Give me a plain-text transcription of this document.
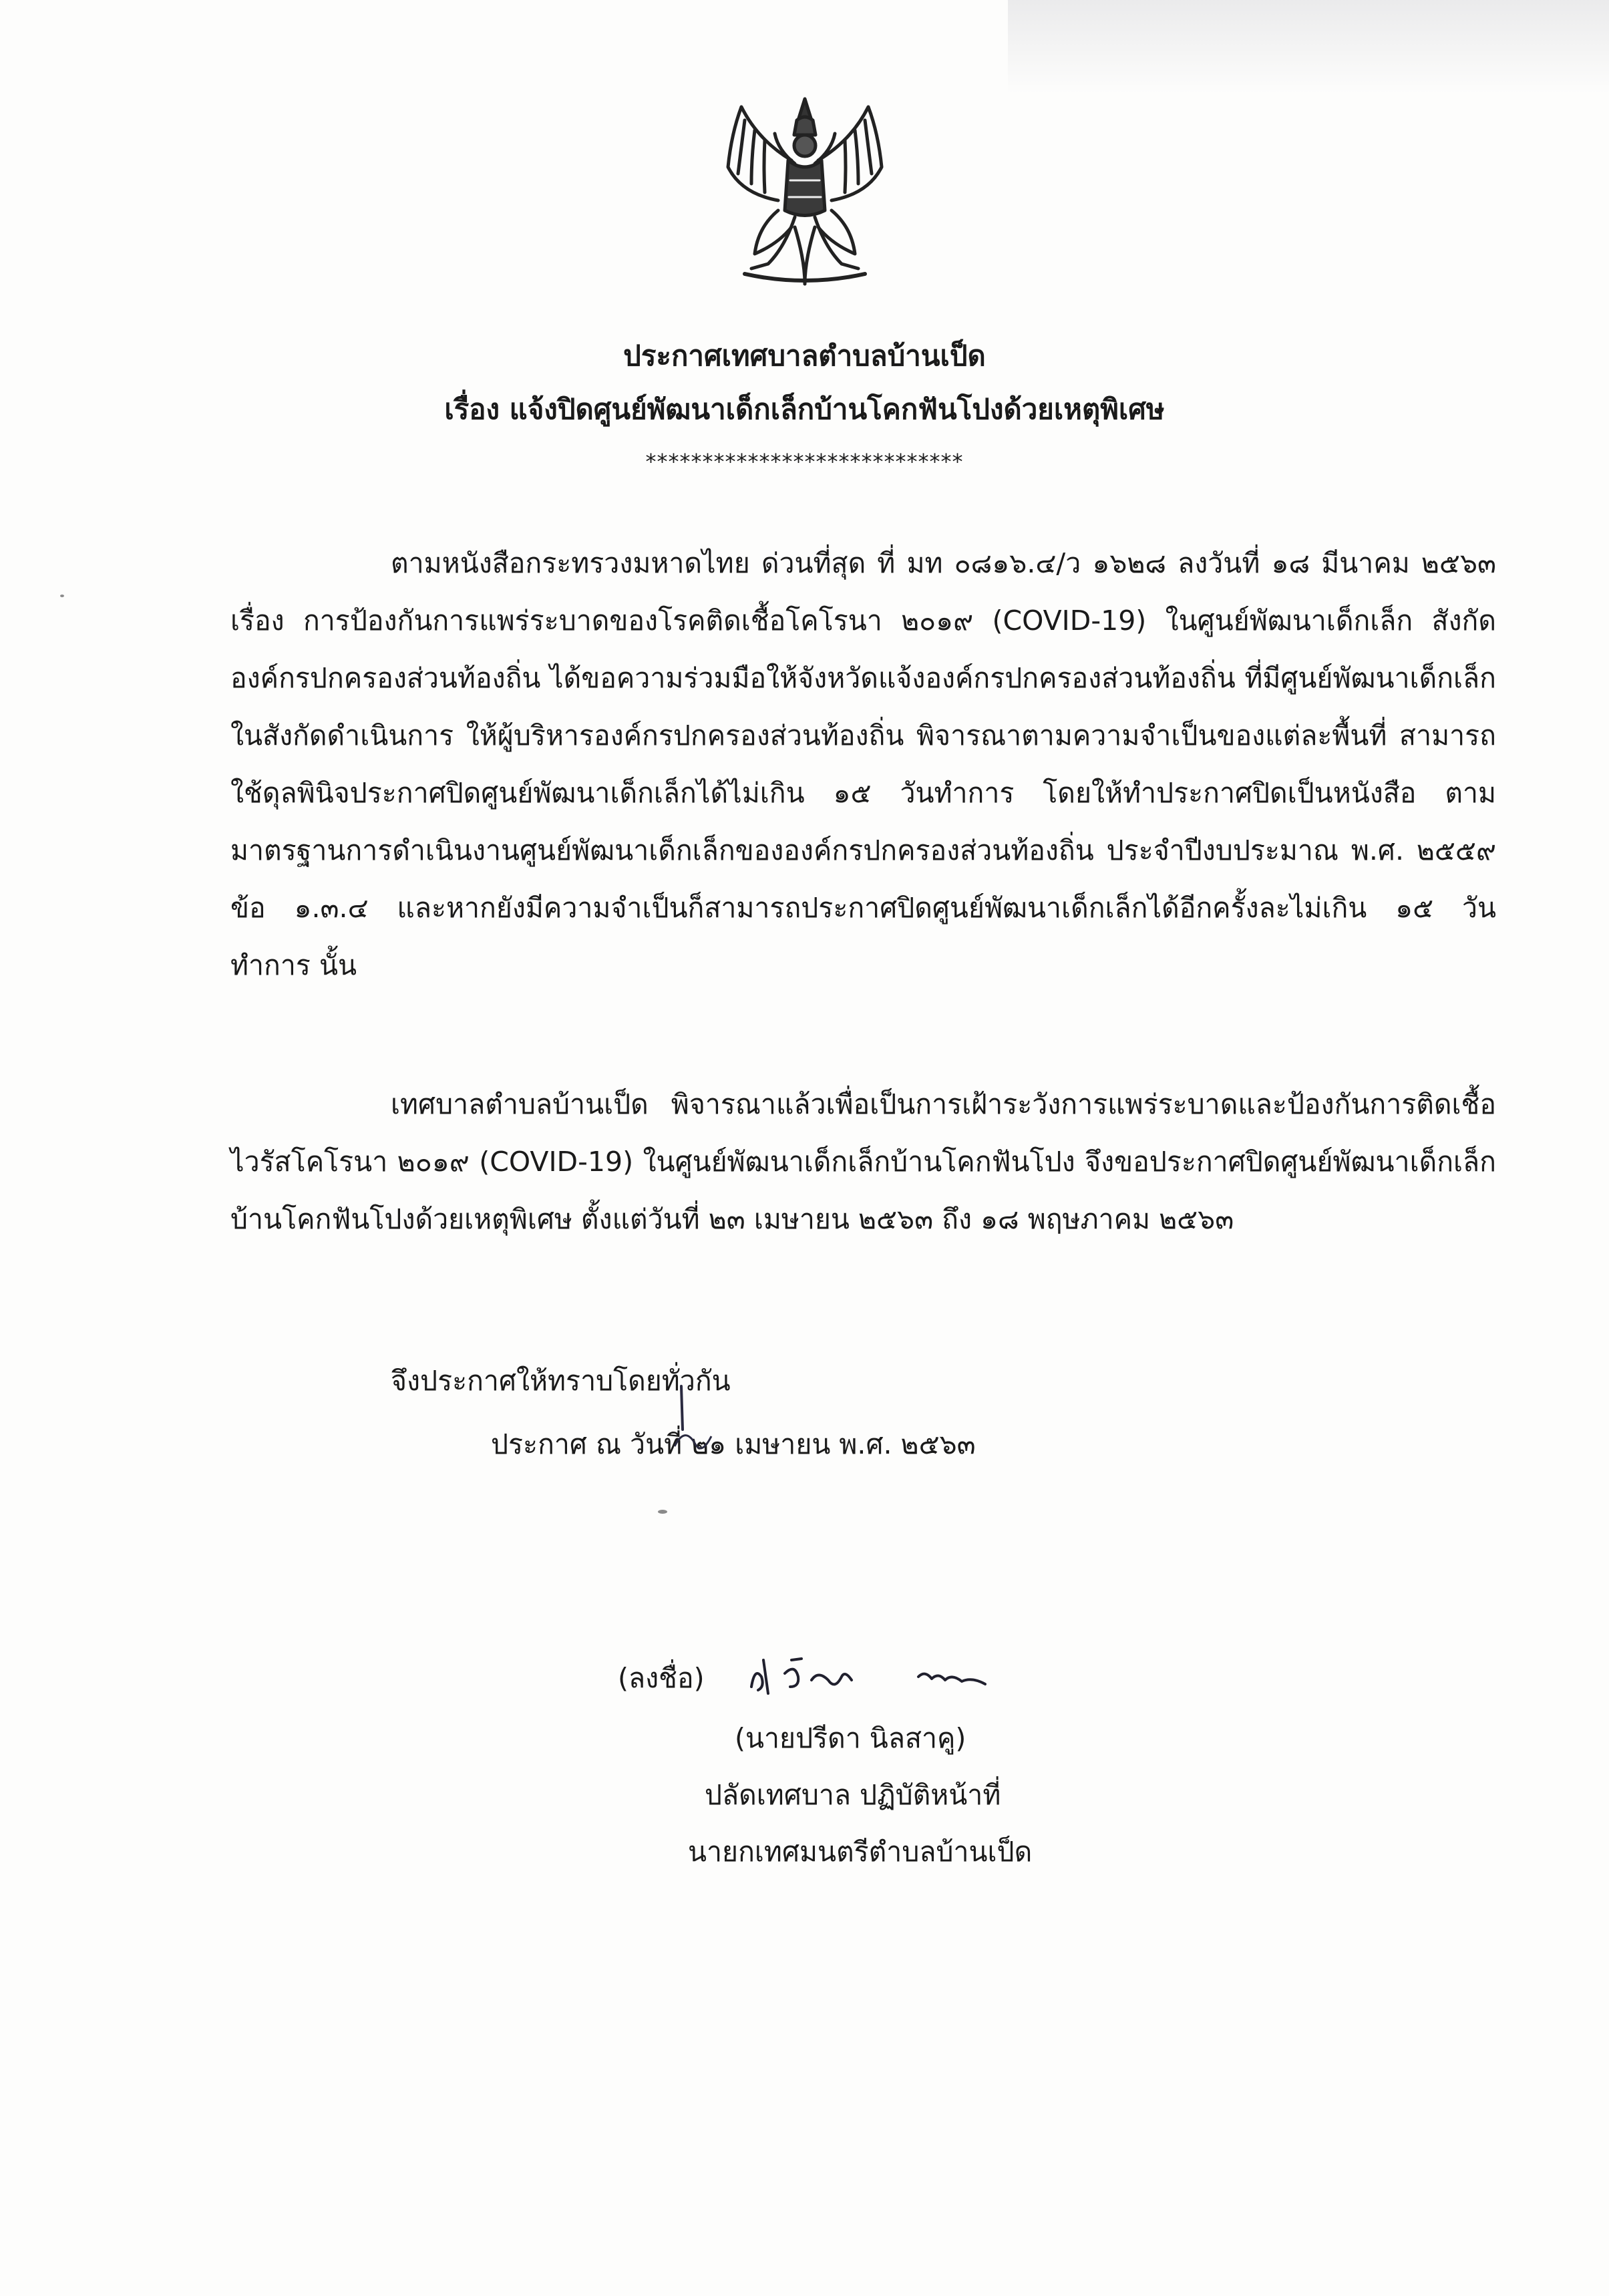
ประกาศเทศบาลตำบลบ้านเป็ด
เรื่อง แจ้งปิดศูนย์พัฒนาเด็กเล็กบ้านโคกฟันโปงด้วยเหตุพิเศษ
****************************

ตามหนังสือกระทรวงมหาดไทย ด่วนที่สุด ที่ มท ๐๘๑๖.๔/ว ๑๖๒๘ ลงวันที่ ๑๘ มีนาคม ๒๕๖๓ เรื่อง การป้องกันการแพร่ระบาดของโรคติดเชื้อโคโรนา ๒๐๑๙ (COVID-19) ในศูนย์พัฒนาเด็กเล็ก สังกัดองค์กรปกครองส่วนท้องถิ่น ได้ขอความร่วมมือให้จังหวัดแจ้งองค์กรปกครองส่วนท้องถิ่น ที่มีศูนย์พัฒนาเด็กเล็กในสังกัดดำเนินการ ให้ผู้บริหารองค์กรปกครองส่วนท้องถิ่น พิจารณาตามความจำเป็นของแต่ละพื้นที่ สามารถใช้ดุลพินิจประกาศปิดศูนย์พัฒนาเด็กเล็กได้ไม่เกิน ๑๕ วันทำการ โดยให้ทำประกาศปิดเป็นหนังสือ ตามมาตรฐานการดำเนินงานศูนย์พัฒนาเด็กเล็กขององค์กรปกครองส่วนท้องถิ่น ประจำปีงบประมาณ พ.ศ. ๒๕๕๙ ข้อ ๑.๓.๔ และหากยังมีความจำเป็นก็สามารถประกาศปิดศูนย์พัฒนาเด็กเล็กได้อีกครั้งละไม่เกิน ๑๕ วันทำการ นั้น

เทศบาลตำบลบ้านเป็ด พิจารณาแล้วเพื่อเป็นการเฝ้าระวังการแพร่ระบาดและป้องกันการติดเชื้อไวรัสโคโรนา ๒๐๑๙ (COVID-19) ในศูนย์พัฒนาเด็กเล็กบ้านโคกฟันโปง จึงขอประกาศปิดศูนย์พัฒนาเด็กเล็กบ้านโคกฟันโปงด้วยเหตุพิเศษ ตั้งแต่วันที่ ๒๓ เมษายน ๒๕๖๓ ถึง ๑๘ พฤษภาคม ๒๕๖๓

จึงประกาศให้ทราบโดยทั่วกัน
ประกาศ ณ วันที่ ๒๑ เมษายน พ.ศ. ๒๕๖๓
(ลงชื่อ)
(นายปรีดา นิลสาคู)
ปลัดเทศบาล ปฏิบัติหน้าที่
นายกเทศมนตรีตำบลบ้านเป็ด
